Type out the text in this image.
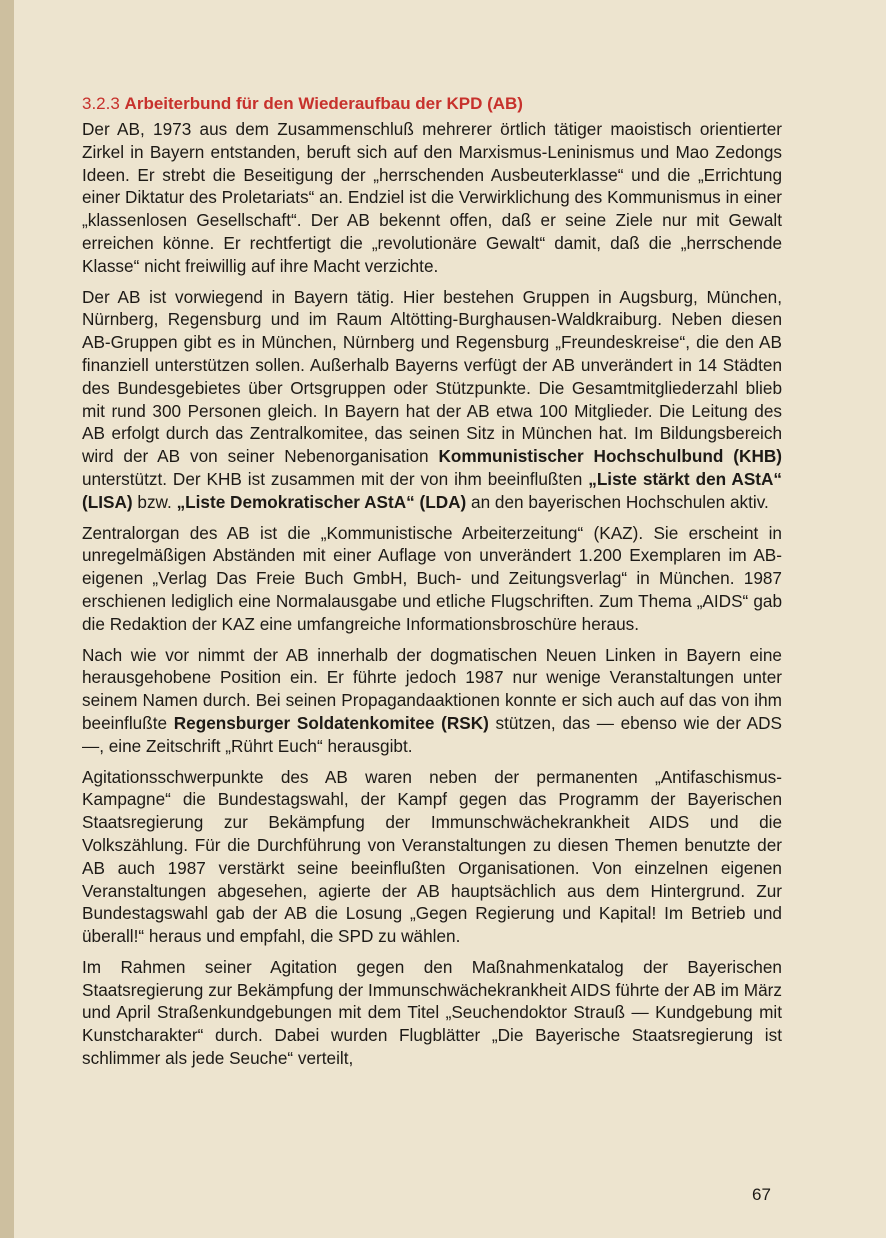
3.2.3 Arbeiterbund für den Wiederaufbau der KPD (AB)

Der AB, 1973 aus dem Zusammenschluß mehrerer örtlich tätiger maoistisch orientierter Zirkel in Bayern entstanden, beruft sich auf den Marxismus-Leninismus und Mao Zedongs Ideen. Er strebt die Beseitigung der „herrschenden Ausbeuterklasse“ und die „Errichtung einer Diktatur des Proletariats“ an. Endziel ist die Verwirklichung des Kommunismus in einer „klassenlosen Gesellschaft“. Der AB bekennt offen, daß er seine Ziele nur mit Gewalt erreichen könne. Er rechtfertigt die „revolutionäre Gewalt“ damit, daß die „herrschende Klasse“ nicht freiwillig auf ihre Macht verzichte.

Der AB ist vorwiegend in Bayern tätig. Hier bestehen Gruppen in Augsburg, München, Nürnberg, Regensburg und im Raum Altötting-Burghausen-Waldkraiburg. Neben diesen AB-Gruppen gibt es in München, Nürnberg und Regensburg „Freundeskreise“, die den AB finanziell unterstützen sollen. Außerhalb Bayerns verfügt der AB unverändert in 14 Städten des Bundesgebietes über Ortsgruppen oder Stützpunkte. Die Gesamtmitgliederzahl blieb mit rund 300 Personen gleich. In Bayern hat der AB etwa 100 Mitglieder. Die Leitung des AB erfolgt durch das Zentralkomitee, das seinen Sitz in München hat. Im Bildungsbereich wird der AB von seiner Nebenorganisation Kommunistischer Hochschulbund (KHB) unterstützt. Der KHB ist zusammen mit der von ihm beeinflußten „Liste stärkt den AStA“ (LISA) bzw. „Liste Demokratischer AStA“ (LDA) an den bayerischen Hochschulen aktiv.

Zentralorgan des AB ist die „Kommunistische Arbeiterzeitung“ (KAZ). Sie erscheint in unregelmäßigen Abständen mit einer Auflage von unverändert 1.200 Exemplaren im AB-eigenen „Verlag Das Freie Buch GmbH, Buch- und Zeitungsverlag“ in München. 1987 erschienen lediglich eine Normalausgabe und etliche Flugschriften. Zum Thema „AIDS“ gab die Redaktion der KAZ eine umfangreiche Informationsbroschüre heraus.

Nach wie vor nimmt der AB innerhalb der dogmatischen Neuen Linken in Bayern eine herausgehobene Position ein. Er führte jedoch 1987 nur wenige Veranstaltungen unter seinem Namen durch. Bei seinen Propagandaaktionen konnte er sich auch auf das von ihm beeinflußte Regensburger Soldatenkomitee (RSK) stützen, das — ebenso wie der ADS —, eine Zeitschrift „Rührt Euch“ herausgibt.

Agitationsschwerpunkte des AB waren neben der permanenten „Antifaschismus-Kampagne“ die Bundestagswahl, der Kampf gegen das Programm der Bayerischen Staatsregierung zur Bekämpfung der Immunschwächekrankheit AIDS und die Volkszählung. Für die Durchführung von Veranstaltungen zu diesen Themen benutzte der AB auch 1987 verstärkt seine beeinflußten Organisationen. Von einzelnen eigenen Veranstaltungen abgesehen, agierte der AB hauptsächlich aus dem Hintergrund. Zur Bundestagswahl gab der AB die Losung „Gegen Regierung und Kapital! Im Betrieb und überall!“ heraus und empfahl, die SPD zu wählen.

Im Rahmen seiner Agitation gegen den Maßnahmenkatalog der Bayerischen Staatsregierung zur Bekämpfung der Immunschwächekrankheit AIDS führte der AB im März und April Straßenkundgebungen mit dem Titel „Seuchendoktor Strauß — Kundgebung mit Kunstcharakter“ durch. Dabei wurden Flugblätter „Die Bayerische Staatsregierung ist schlimmer als jede Seuche“ verteilt,

67
